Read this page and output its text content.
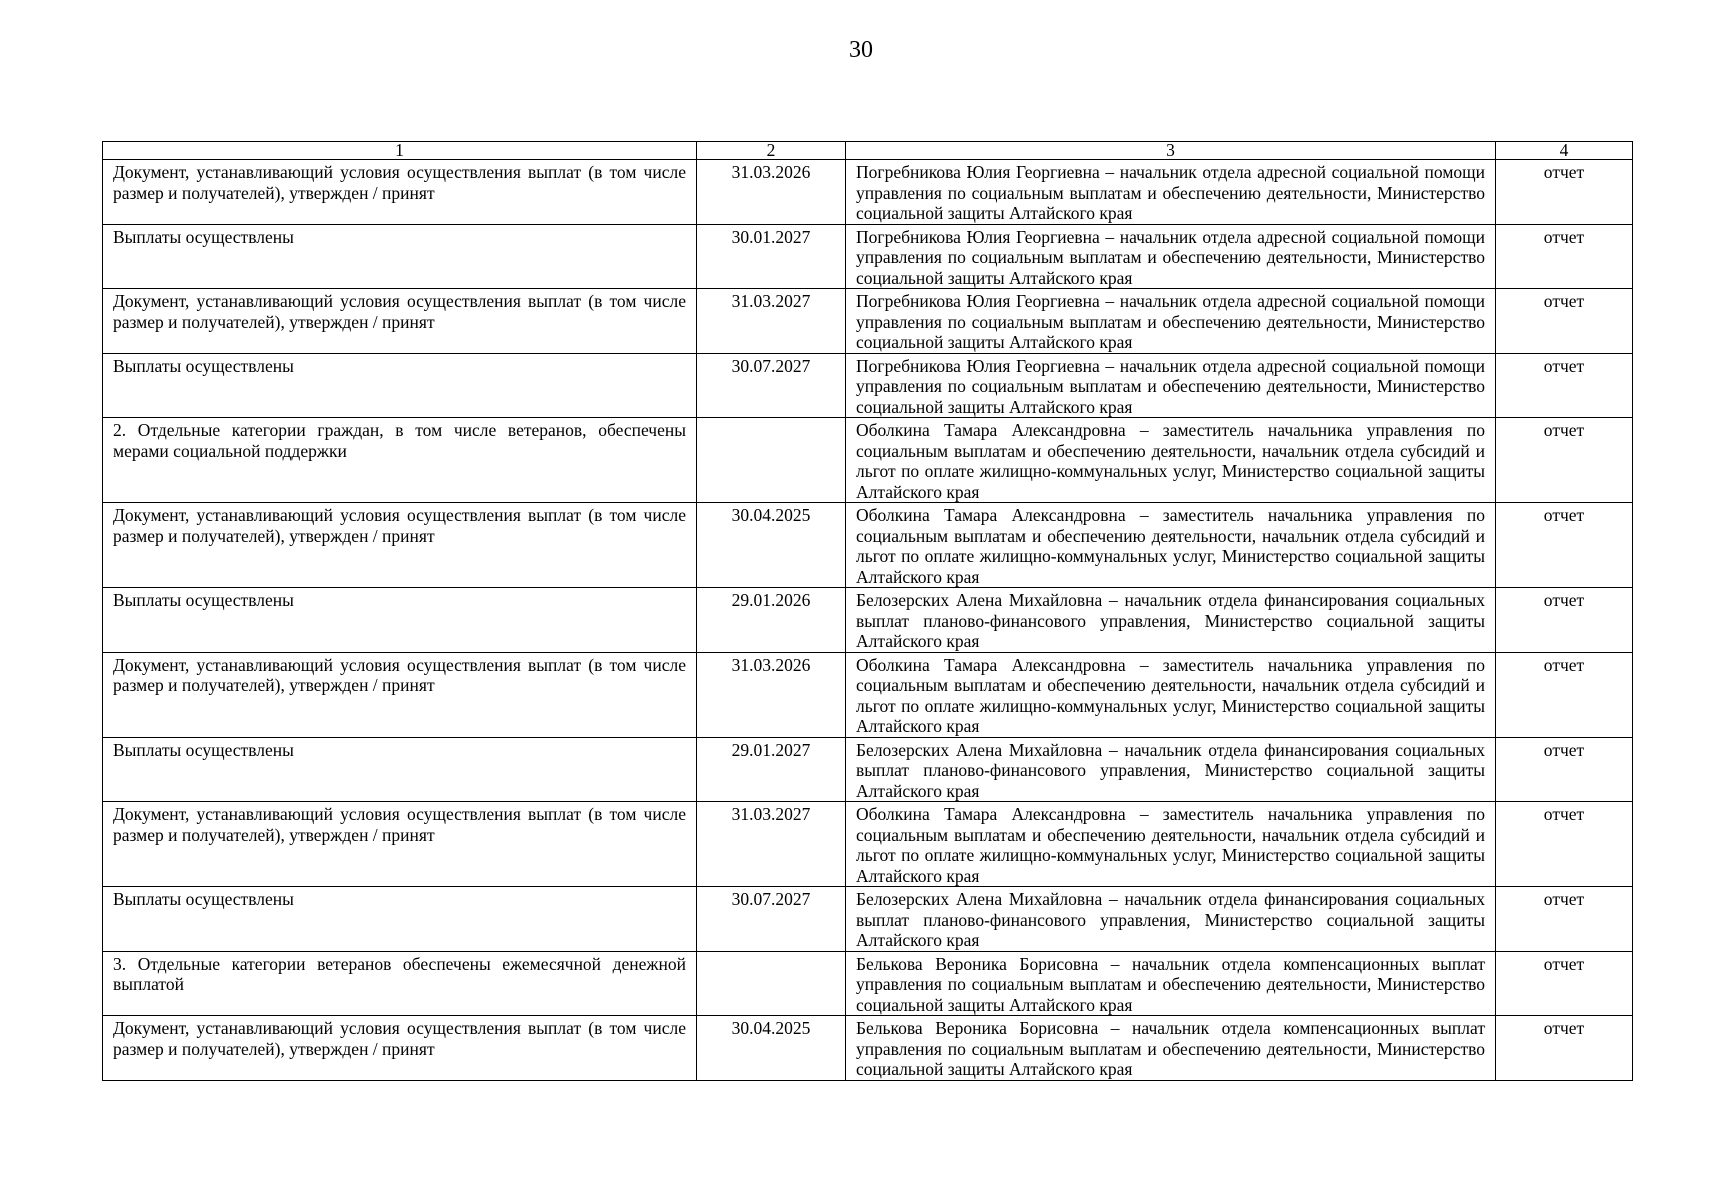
30
1	2	3	4
Документ, устанавливающий условия осуществления выплат (в том числе размер и получателей), утвержден / принят	31.03.2026	Погребникова Юлия Георгиевна – начальник отдела адресной социальной помощи управления по социальным выплатам и обеспечению деятельности, Министерство социальной защиты Алтайского края	отчет
Выплаты осуществлены	30.01.2027	Погребникова Юлия Георгиевна – начальник отдела адресной социальной помощи управления по социальным выплатам и обеспечению деятельности, Министерство социальной защиты Алтайского края	отчет
Документ, устанавливающий условия осуществления выплат (в том числе размер и получателей), утвержден / принят	31.03.2027	Погребникова Юлия Георгиевна – начальник отдела адресной социальной помощи управления по социальным выплатам и обеспечению деятельности, Министерство социальной защиты Алтайского края	отчет
Выплаты осуществлены	30.07.2027	Погребникова Юлия Георгиевна – начальник отдела адресной социальной помощи управления по социальным выплатам и обеспечению деятельности, Министерство социальной защиты Алтайского края	отчет
2. Отдельные категории граждан, в том числе ветеранов, обеспечены мерами социальной поддержки		Оболкина Тамара Александровна – заместитель начальника управления по социальным выплатам и обеспечению деятельности, начальник отдела субсидий и льгот по оплате жилищно-коммунальных услуг, Министерство социальной защиты Алтайского края	отчет
Документ, устанавливающий условия осуществления выплат (в том числе размер и получателей), утвержден / принят	30.04.2025	Оболкина Тамара Александровна – заместитель начальника управления по социальным выплатам и обеспечению деятельности, начальник отдела субсидий и льгот по оплате жилищно-коммунальных услуг, Министерство социальной защиты Алтайского края	отчет
Выплаты осуществлены	29.01.2026	Белозерских Алена Михайловна – начальник отдела финансирования социальных выплат планово-финансового управления, Министерство социальной защиты Алтайского края	отчет
Документ, устанавливающий условия осуществления выплат (в том числе размер и получателей), утвержден / принят	31.03.2026	Оболкина Тамара Александровна – заместитель начальника управления по социальным выплатам и обеспечению деятельности, начальник отдела субсидий и льгот по оплате жилищно-коммунальных услуг, Министерство социальной защиты Алтайского края	отчет
Выплаты осуществлены	29.01.2027	Белозерских Алена Михайловна – начальник отдела финансирования социальных выплат планово-финансового управления, Министерство социальной защиты Алтайского края	отчет
Документ, устанавливающий условия осуществления выплат (в том числе размер и получателей), утвержден / принят	31.03.2027	Оболкина Тамара Александровна – заместитель начальника управления по социальным выплатам и обеспечению деятельности, начальник отдела субсидий и льгот по оплате жилищно-коммунальных услуг, Министерство социальной защиты Алтайского края	отчет
Выплаты осуществлены	30.07.2027	Белозерских Алена Михайловна – начальник отдела финансирования социальных выплат планово-финансового управления, Министерство социальной защиты Алтайского края	отчет
3. Отдельные категории ветеранов обеспечены ежемесячной денежной выплатой		Белькова Вероника Борисовна – начальник отдела компенсационных выплат управления по социальным выплатам и обеспечению деятельности, Министерство социальной защиты Алтайского края	отчет
Документ, устанавливающий условия осуществления выплат (в том числе размер и получателей), утвержден / принят	30.04.2025	Белькова Вероника Борисовна – начальник отдела компенсационных выплат управления по социальным выплатам и обеспечению деятельности, Министерство социальной защиты Алтайского края	отчет
